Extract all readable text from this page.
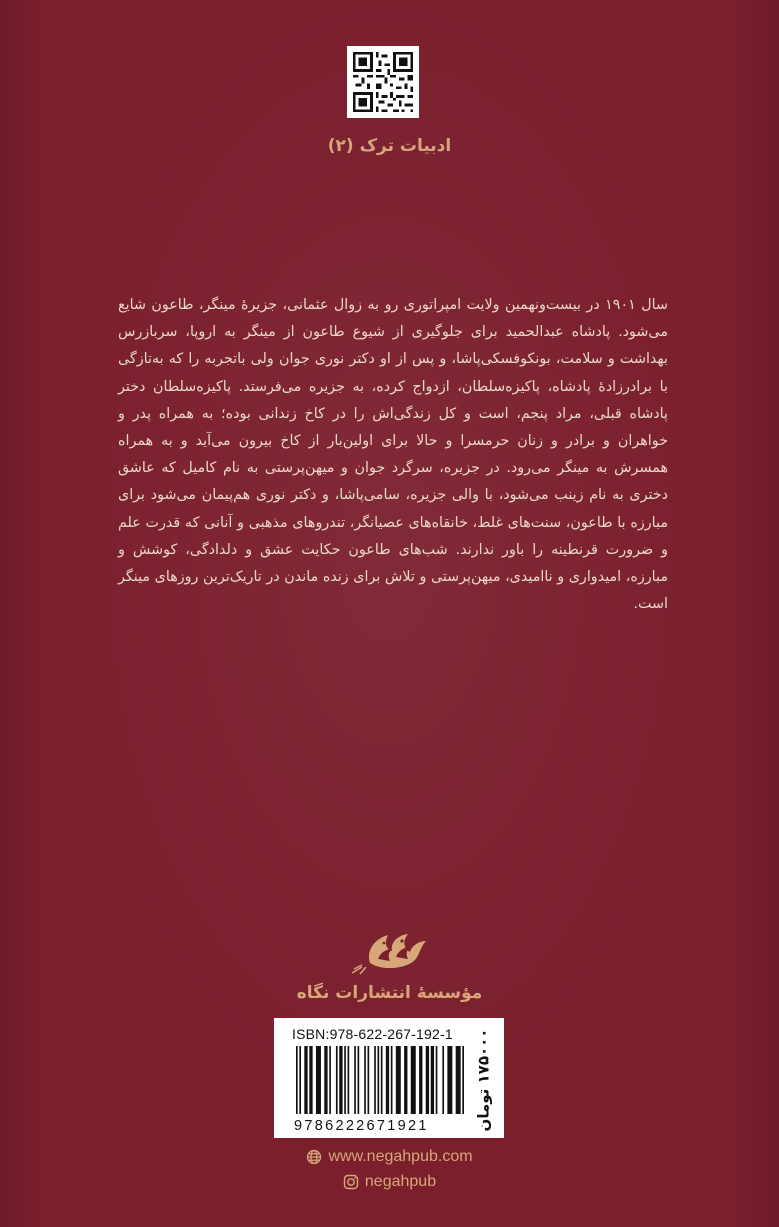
ادبیات ترک (۲)
سال ۱۹۰۱ در بیست‌ونهمین ولایت امپراتوری رو به زوال عثمانی، جزیرهٔ مینگر، طاعون شایع می‌شود. پادشاه عبدالحمید برای جلوگیری از شیوع طاعون از مینگر به اروپا، سربازرس بهداشت و سلامت، بونکوفسکی‌پاشا، و پس از او دکتر نوری جوان ولی باتجربه را که به‌تازگی با برادرزادهٔ پادشاه، پاکیزه‌سلطان، ازدواج کرده، به جزیره می‌فرستد. پاکیزه‌سلطان دختر پادشاه قبلی، مراد پنجم، است و کل زندگی‌اش را در کاخ زندانی بوده؛ به همراه پدر و خواهران و برادر و زنان حرمسرا و حالا برای اولین‌بار از کاخ بیرون می‌آید و به همراه همسرش به مینگر می‌رود. در جزیره، سرگرد جوان و میهن‌پرستی به نام کامیل که عاشق دختری به نام زینب می‌شود، با والی جزیره، سامی‌پاشا، و دکتر نوری هم‌پیمان می‌شود برای مبارزه با طاعون، سنت‌های غلط، خانقاه‌های عصیانگر، تندروهای مذهبی و آنانی که قدرت علم و ضرورت قرنطینه را باور ندارند. شب‌های طاعون حکایت عشق و دلدادگی، کوشش و مبارزه، امیدواری و ناامیدی، میهن‌پرستی و تلاش برای زنده ماندن در تاریک‌ترین روزهای مینگر است.
مؤسسهٔ انتشارات نگاه
ISBN:978-622-267-192-1
9786222671921	۱۷۵۰۰۰ تومان
www.negahpub.com
negahpub
